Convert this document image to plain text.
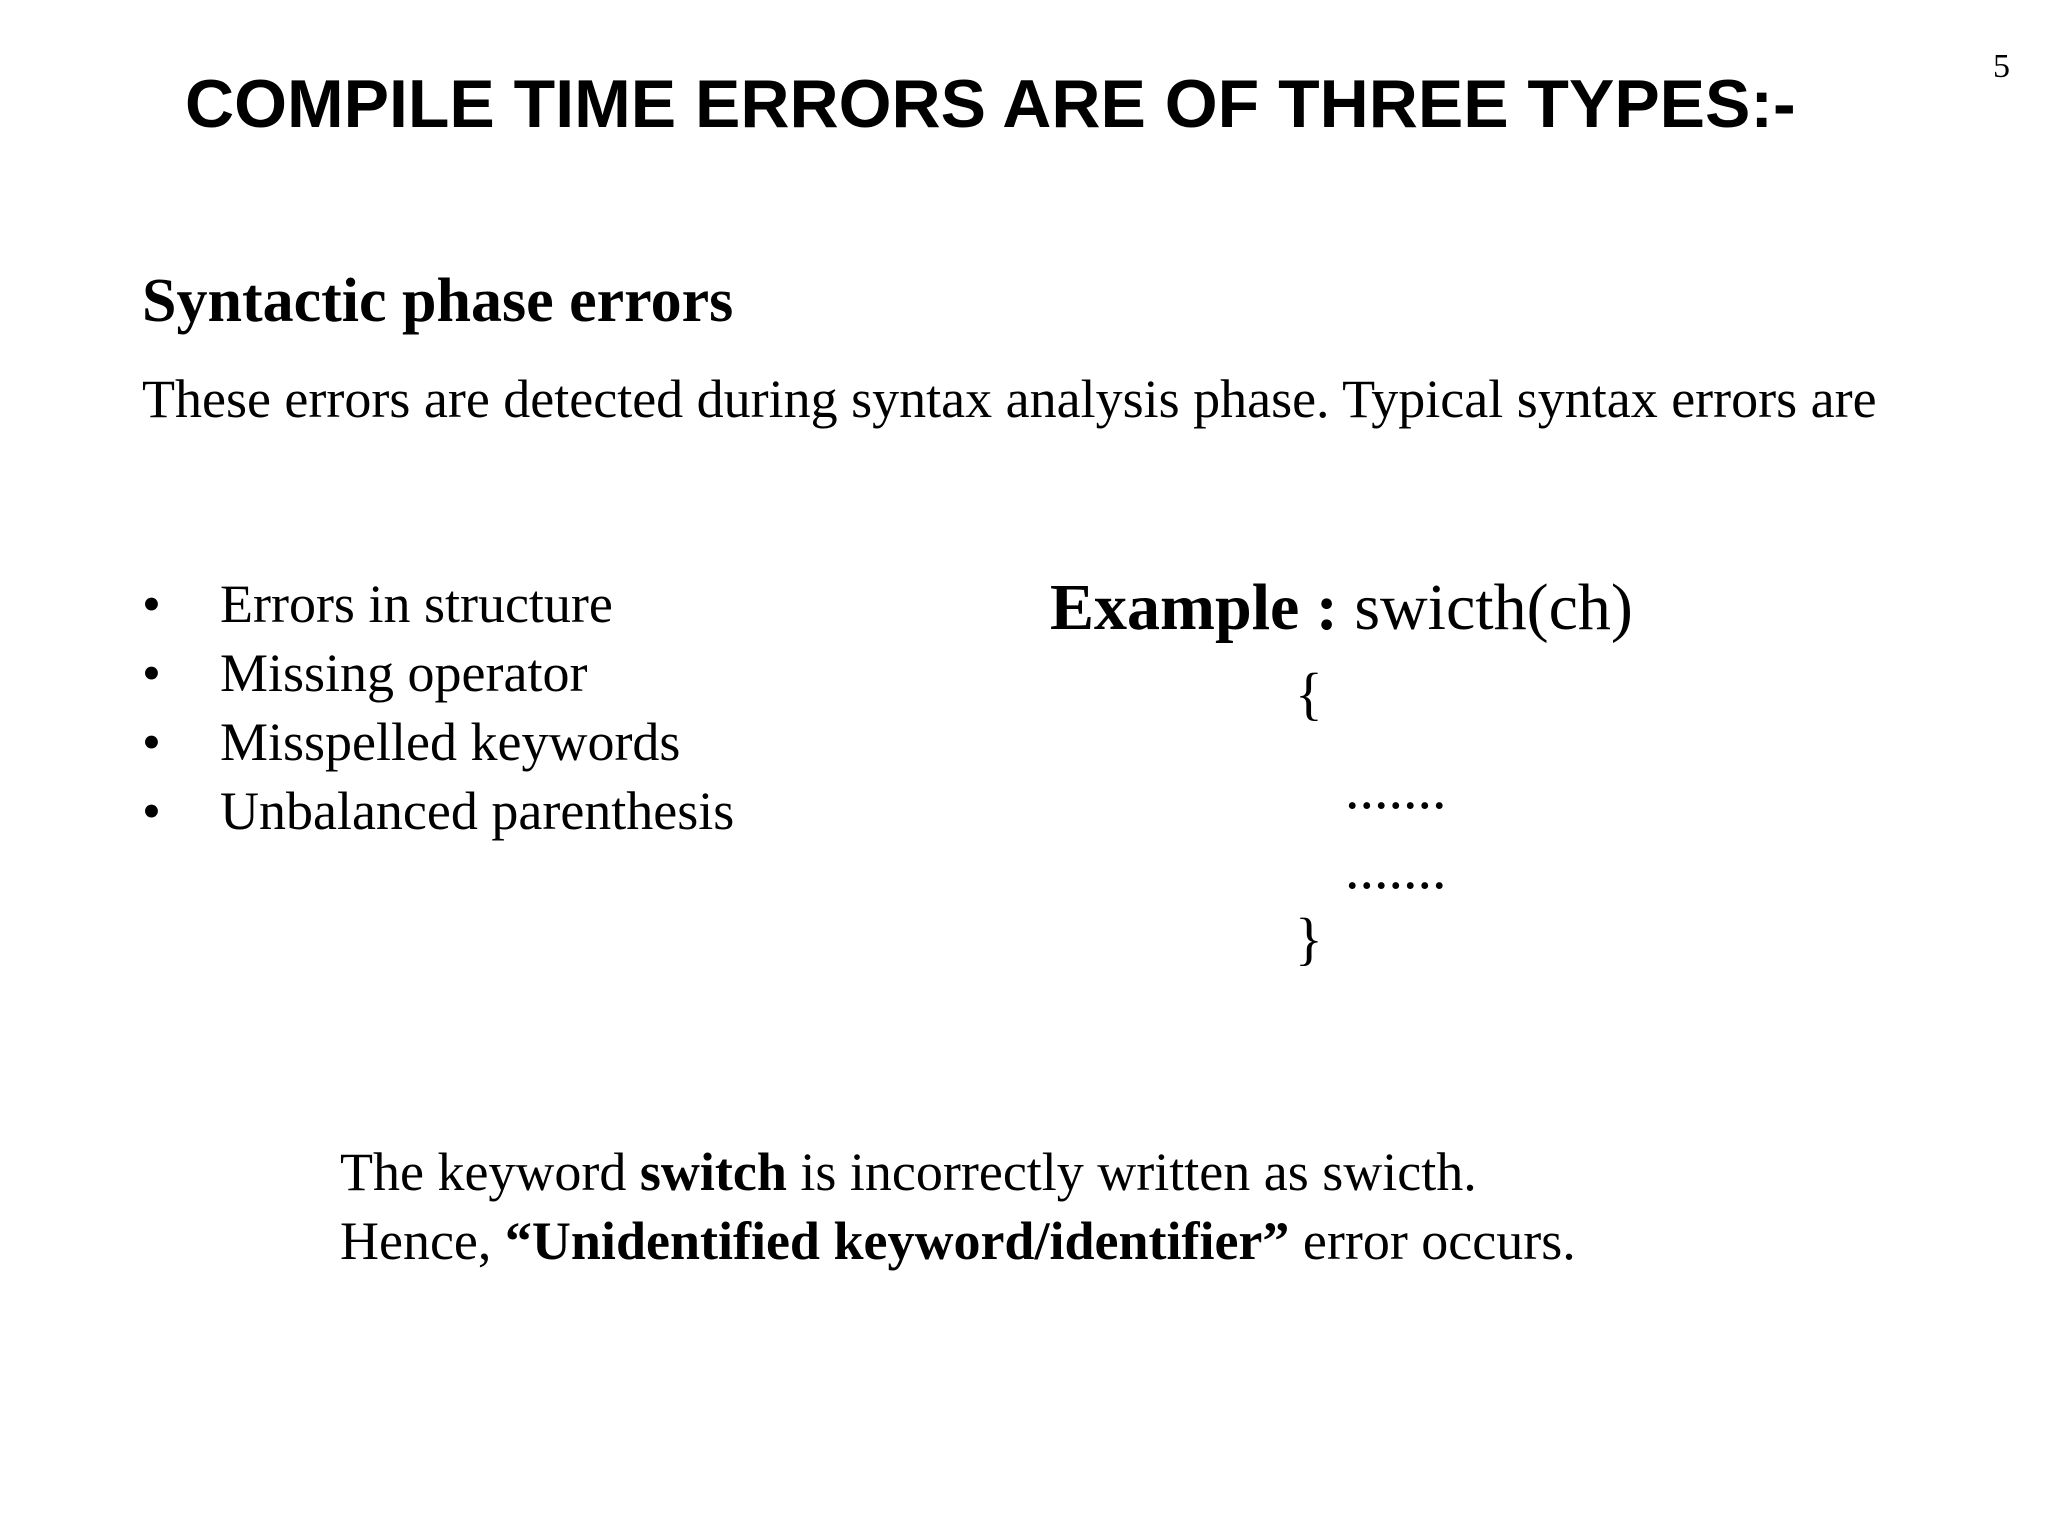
5
COMPILE TIME ERRORS ARE OF THREE TYPES:-
Syntactic phase errors
These errors are detected during syntax analysis phase. Typical syntax errors are
• Errors in structure
• Missing operator
• Misspelled keywords
• Unbalanced parenthesis
Example : swicth(ch)
{
.......
.......
}
The keyword switch is incorrectly written as swicth.
Hence, “Unidentified keyword/identifier” error occurs.
